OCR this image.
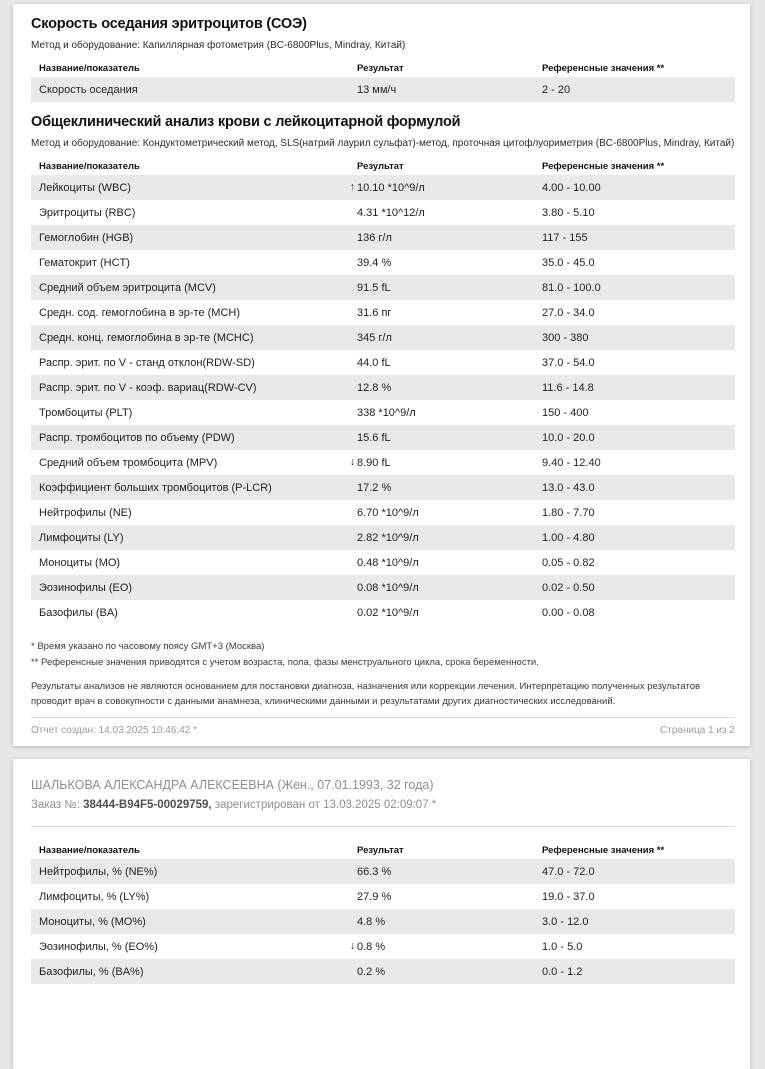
Скорость оседания эритроцитов (СОЭ)
Метод и оборудование: Капиллярная фотометрия (BC-6800Plus, Mindray, Китай)
Название/показатель	Результат	Референсные значения **
Скорость оседания	13 мм/ч	2 - 20
Общеклинический анализ крови с лейкоцитарной формулой
Метод и оборудование: Кондуктометрический метод, SLS(натрий лаурил сульфат)-метод, проточная цитофлуориметрия (BC-6800Plus, Mindray, Китай)
Название/показатель	Результат	Референсные значения **
Лейкоциты (WBC)	↑ 10.10 *10^9/л	4.00 - 10.00
Эритроциты (RBC)	4.31 *10^12/л	3.80 - 5.10
Гемоглобин (HGB)	136 г/л	117 - 155
Гематокрит (HCT)	39.4 %	35.0 - 45.0
Средний объем эритроцита (MCV)	91.5 fL	81.0 - 100.0
Средн. сод. гемоглобина в эр-те (MCH)	31.6 пг	27.0 - 34.0
Средн. конц. гемоглобина в эр-те (MCHC)	345 г/л	300 - 380
Распр. эрит. по V - станд отклон(RDW-SD)	44.0 fL	37.0 - 54.0
Распр. эрит. по V - коэф. вариац(RDW-CV)	12.8 %	11.6 - 14.8
Тромбоциты (PLT)	338 *10^9/л	150 - 400
Распр. тромбоцитов по объему (PDW)	15.6 fL	10.0 - 20.0
Средний объем тромбоцита (MPV)	↓ 8.90 fL	9.40 - 12.40
Коэффициент больших тромбоцитов (P-LCR)	17.2 %	13.0 - 43.0
Нейтрофилы (NE)	6.70 *10^9/л	1.80 - 7.70
Лимфоциты (LY)	2.82 *10^9/л	1.00 - 4.80
Моноциты (MO)	0.48 *10^9/л	0.05 - 0.82
Эозинофилы (EO)	0.08 *10^9/л	0.02 - 0.50
Базофилы (BA)	0.02 *10^9/л	0.00 - 0.08
* Время указано по часовому поясу GMT+3 (Москва)
** Референсные значения приводятся с учетом возраста, пола, фазы менструального цикла, срока беременности.
Результаты анализов не являются основанием для постановки диагноза, назначения или коррекции лечения. Интерпретацию полученных результатов проводит врач в совокупности с данными анамнеза, клиническими данными и результатами других диагностических исследований.
Отчет создан: 14.03.2025 10:46:42 *	Страница 1 из 2
ШАЛЬКОВА АЛЕКСАНДРА АЛЕКСЕЕВНА (Жен., 07.01.1993, 32 года)
Заказ №: 38444-B94F5-00029759, зарегистрирован от 13.03.2025 02:09:07 *
Название/показатель	Результат	Референсные значения **
Нейтрофилы, % (NE%)	66.3 %	47.0 - 72.0
Лимфоциты, % (LY%)	27.9 %	19.0 - 37.0
Моноциты, % (MO%)	4.8 %	3.0 - 12.0
Эозинофилы, % (EO%)	↓ 0.8 %	1.0 - 5.0
Базофилы, % (BA%)	0.2 %	0.0 - 1.2
